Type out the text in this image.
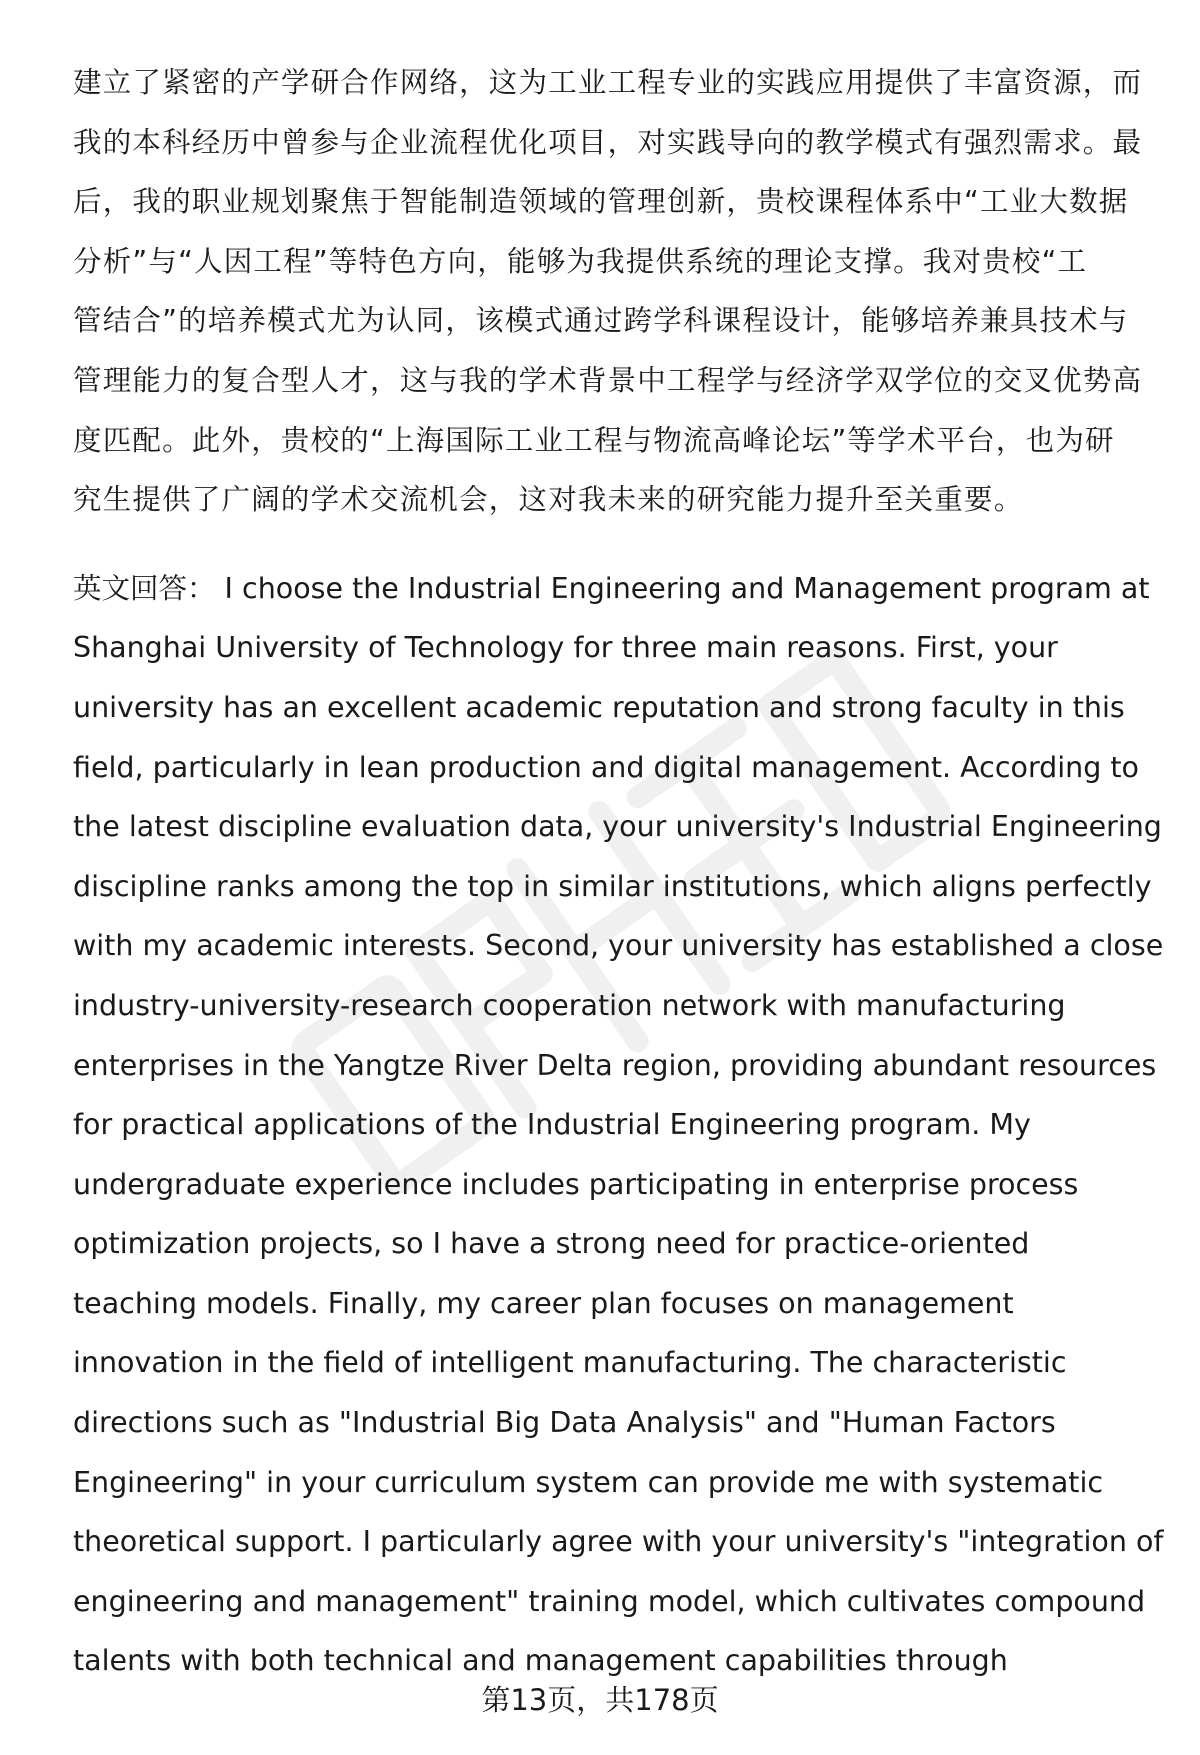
建立了紧密的产学研合作网络，这为工业工程专业的实践应用提供了丰富资源，而
我的本科经历中曾参与企业流程优化项目，对实践导向的教学模式有强烈需求。最
后，我的职业规划聚焦于智能制造领域的管理创新，贵校课程体系中“工业大数据
分析”与“人因工程”等特色方向，能够为我提供系统的理论支撑。我对贵校“工
管结合”的培养模式尤为认同，该模式通过跨学科课程设计，能够培养兼具技术与
管理能力的复合型人才，这与我的学术背景中工程学与经济学双学位的交叉优势高
度匹配。此外，贵校的“上海国际工业工程与物流高峰论坛”等学术平台，也为研
究生提供了广阔的学术交流机会，这对我未来的研究能力提升至关重要。
英文回答： I choose the Industrial Engineering and Management program at
Shanghai University of Technology for three main reasons. First, your
university has an excellent academic reputation and strong faculty in this
field, particularly in lean production and digital management. According to
the latest discipline evaluation data, your university's Industrial Engineering
discipline ranks among the top in similar institutions, which aligns perfectly
with my academic interests. Second, your university has established a close
industry-university-research cooperation network with manufacturing
enterprises in the Yangtze River Delta region, providing abundant resources
for practical applications of the Industrial Engineering program. My
undergraduate experience includes participating in enterprise process
optimization projects, so I have a strong need for practice-oriented
teaching models. Finally, my career plan focuses on management
innovation in the field of intelligent manufacturing. The characteristic
directions such as "Industrial Big Data Analysis" and "Human Factors
Engineering" in your curriculum system can provide me with systematic
theoretical support. I particularly agree with your university's "integration of
engineering and management" training model, which cultivates compound
talents with both technical and management capabilities through
第13页，共178页
